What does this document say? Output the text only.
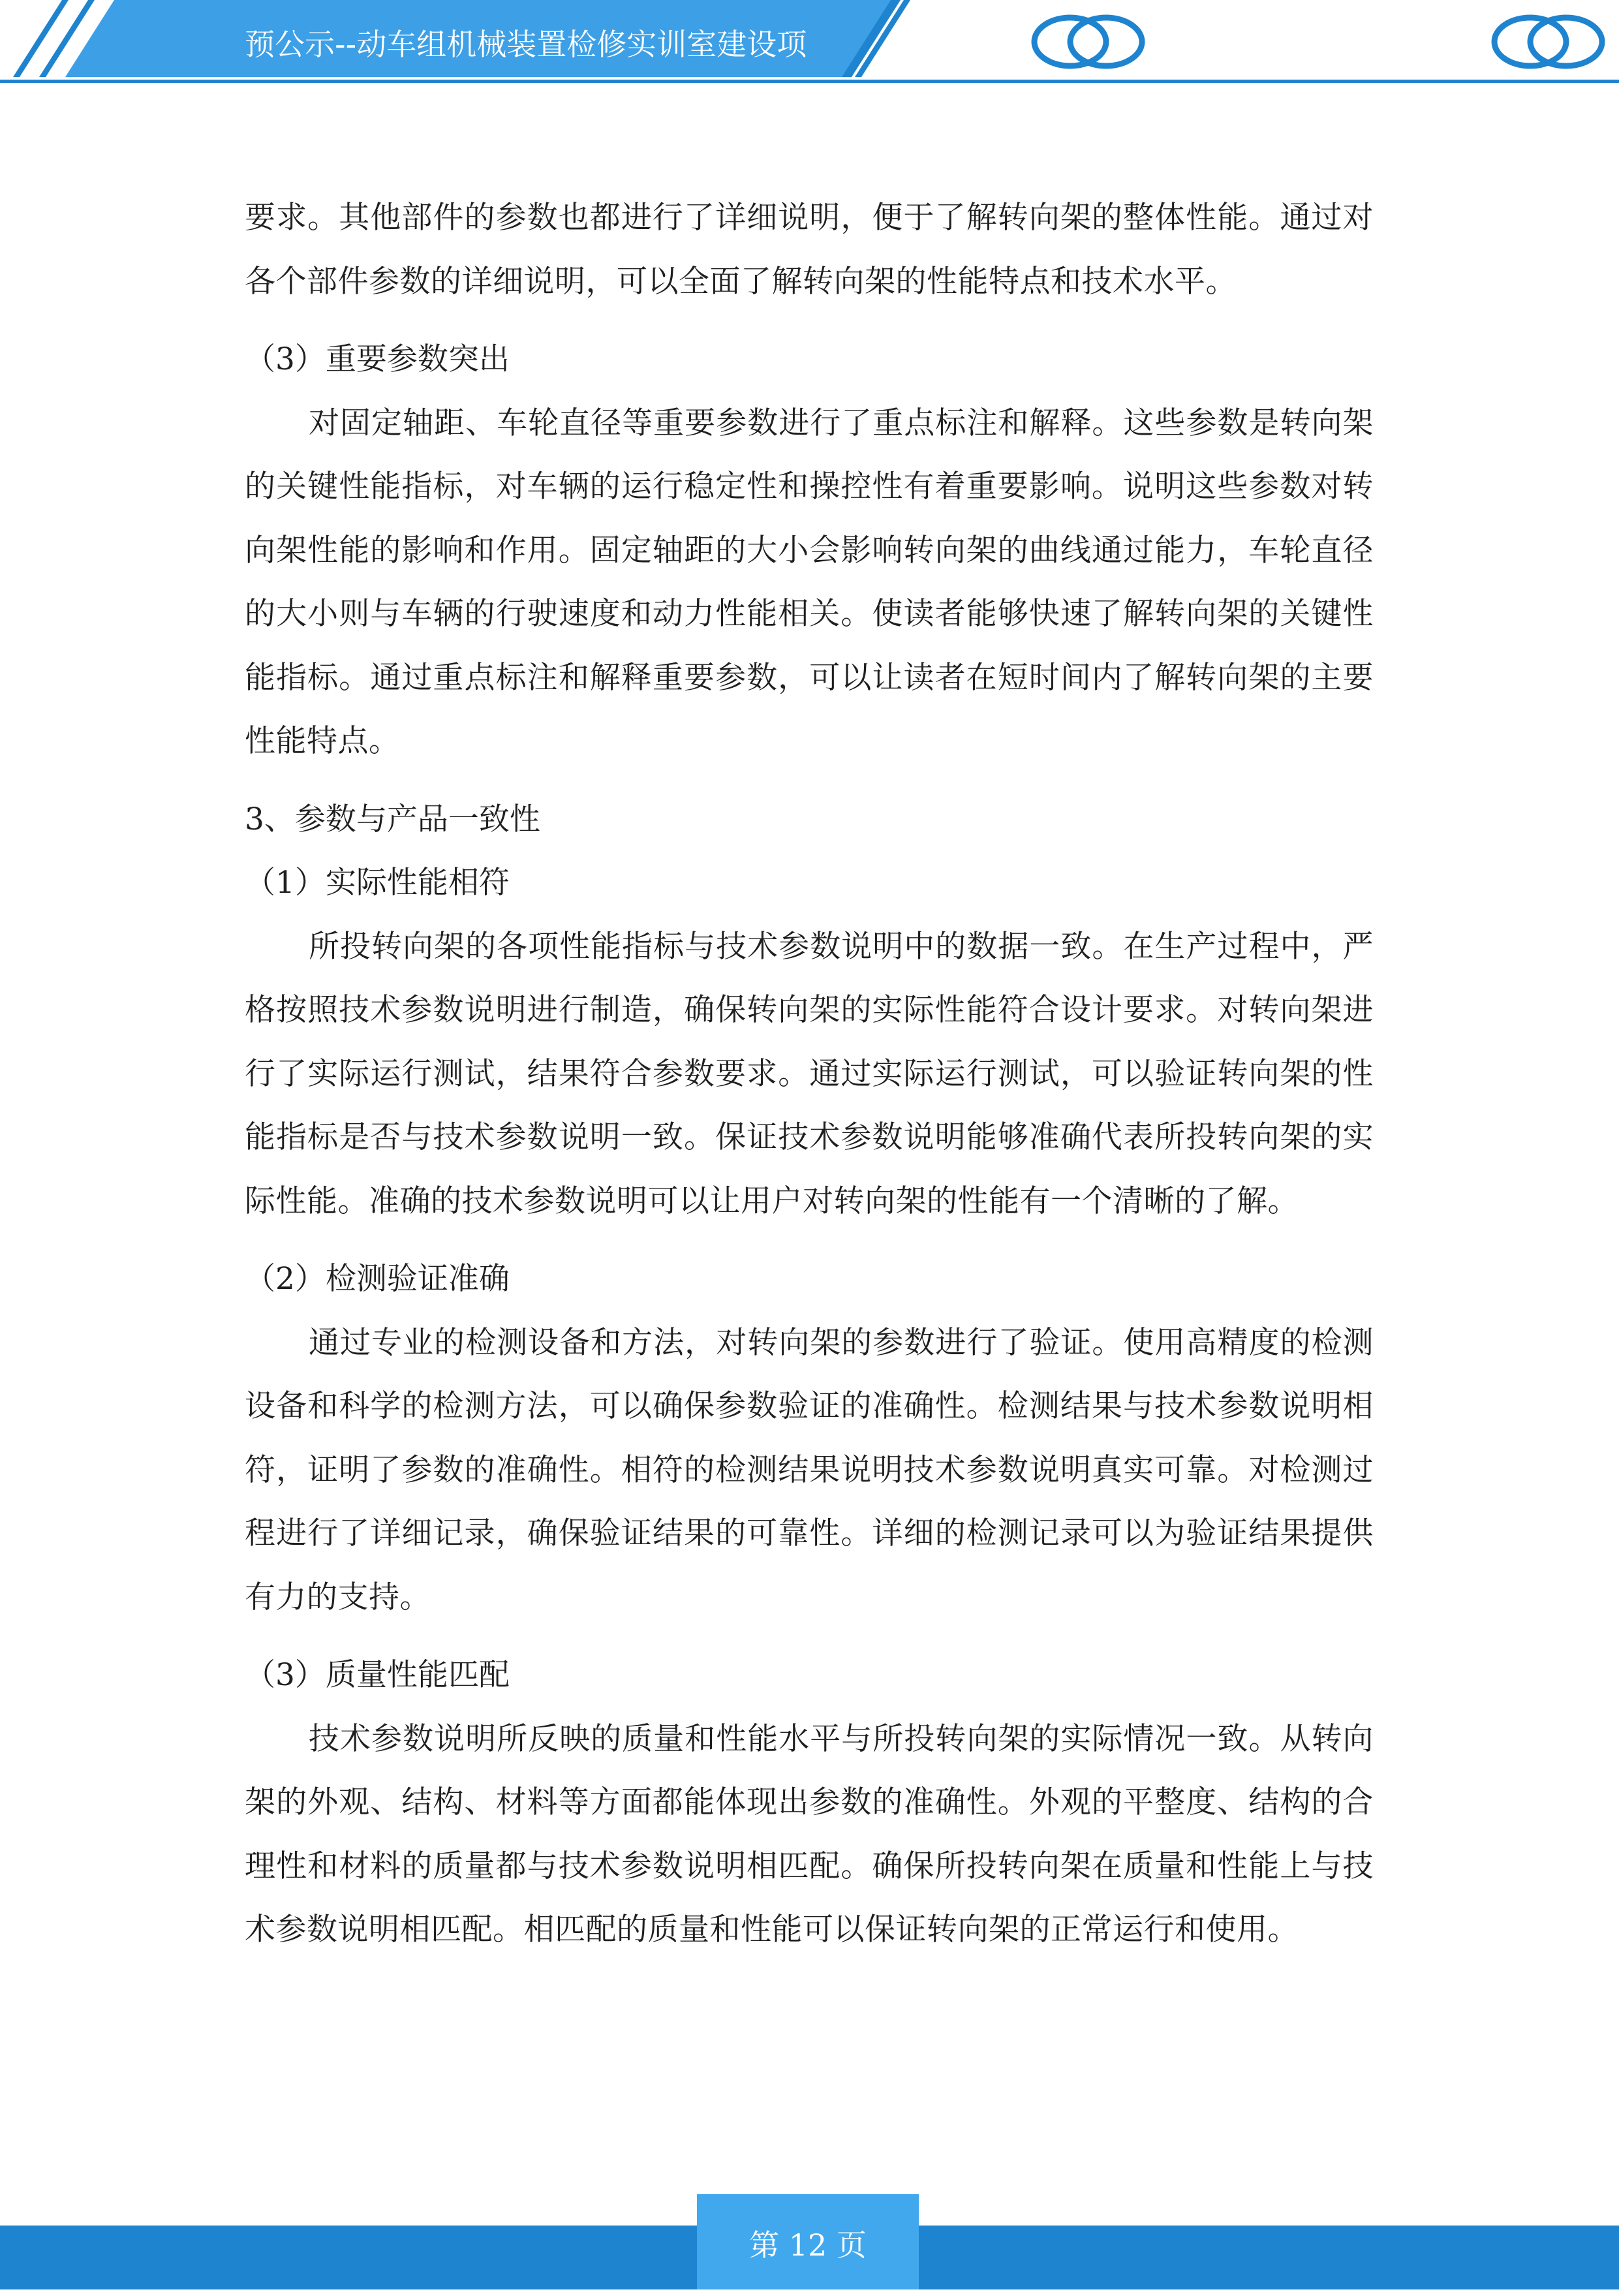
预公示--动车组机械装置检修实训室建设项

要求。其他部件的参数也都进行了详细说明，便于了解转向架的整体性能。通过对各个部件参数的详细说明，可以全面了解转向架的性能特点和技术水平。

（3）重要参数突出

对固定轴距、车轮直径等重要参数进行了重点标注和解释。这些参数是转向架的关键性能指标，对车辆的运行稳定性和操控性有着重要影响。说明这些参数对转向架性能的影响和作用。固定轴距的大小会影响转向架的曲线通过能力，车轮直径的大小则与车辆的行驶速度和动力性能相关。使读者能够快速了解转向架的关键性能指标。通过重点标注和解释重要参数，可以让读者在短时间内了解转向架的主要性能特点。

3、参数与产品一致性

（1）实际性能相符

所投转向架的各项性能指标与技术参数说明中的数据一致。在生产过程中，严格按照技术参数说明进行制造，确保转向架的实际性能符合设计要求。对转向架进行了实际运行测试，结果符合参数要求。通过实际运行测试，可以验证转向架的性能指标是否与技术参数说明一致。保证技术参数说明能够准确代表所投转向架的实际性能。准确的技术参数说明可以让用户对转向架的性能有一个清晰的了解。

（2）检测验证准确

通过专业的检测设备和方法，对转向架的参数进行了验证。使用高精度的检测设备和科学的检测方法，可以确保参数验证的准确性。检测结果与技术参数说明相符，证明了参数的准确性。相符的检测结果说明技术参数说明真实可靠。对检测过程进行了详细记录，确保验证结果的可靠性。详细的检测记录可以为验证结果提供有力的支持。

（3）质量性能匹配

技术参数说明所反映的质量和性能水平与所投转向架的实际情况一致。从转向架的外观、结构、材料等方面都能体现出参数的准确性。外观的平整度、结构的合理性和材料的质量都与技术参数说明相匹配。确保所投转向架在质量和性能上与技术参数说明相匹配。相匹配的质量和性能可以保证转向架的正常运行和使用。

第 12 页
